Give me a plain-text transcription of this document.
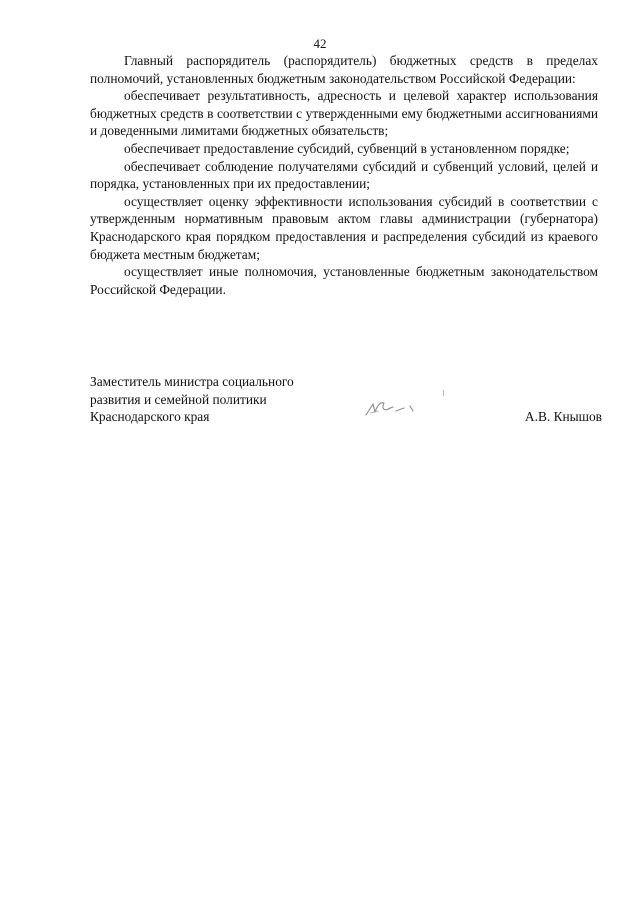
42

Главный распорядитель (распорядитель) бюджетных средств в пределах полномочий, установленных бюджетным законодательством Российской Федерации:

обеспечивает результативность, адресность и целевой характер использования бюджетных средств в соответствии с утвержденными ему бюджетными ассигнованиями и доведенными лимитами бюджетных обязательств;

обеспечивает предоставление субсидий, субвенций в установленном порядке;

обеспечивает соблюдение получателями субсидий и субвенций условий, целей и порядка, установленных при их предоставлении;

осуществляет оценку эффективности использования субсидий в соответствии с утвержденным нормативным правовым актом главы администрации (губернатора) Краснодарского края порядком предоставления и распределения субсидий из краевого бюджета местным бюджетам;

осуществляет иные полномочия, установленные бюджетным законодательством Российской Федерации.

Заместитель министра социального
развития и семейной политики
Краснодарского края	А.В. Кнышов
